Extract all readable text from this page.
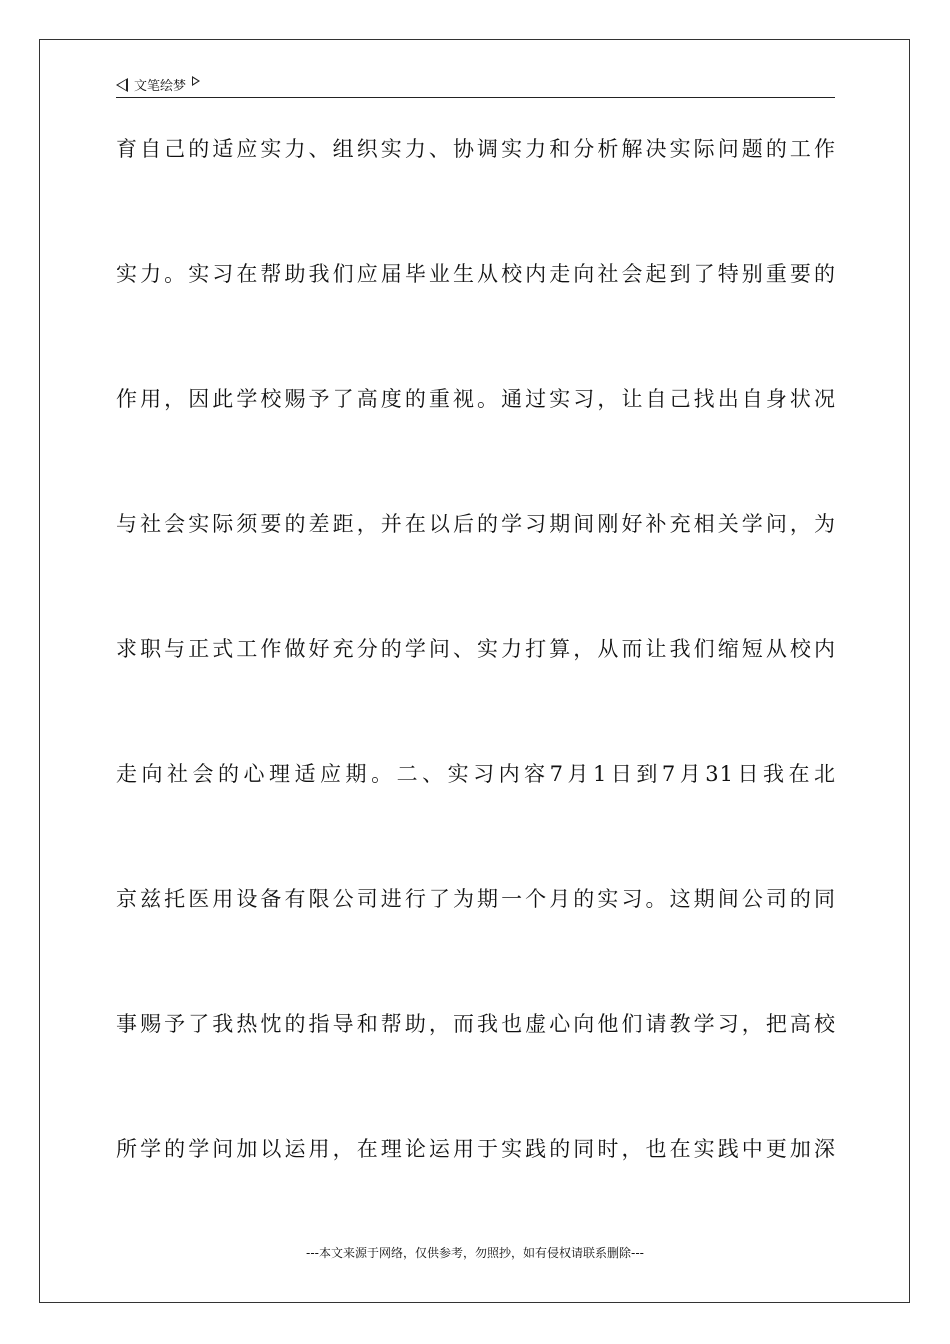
文笔绘梦
育自己的适应实力、组织实力、协调实力和分析解决实际问题的工作
实力。实习在帮助我们应届毕业生从校内走向社会起到了特别重要的
作用，因此学校赐予了高度的重视。通过实习，让自己找出自身状况
与社会实际须要的差距，并在以后的学习期间刚好补充相关学问，为
求职与正式工作做好充分的学问、实力打算，从而让我们缩短从校内
走向社会的心理适应期。二、实习内容7月1日到7月31日我在北
京兹托医用设备有限公司进行了为期一个月的实习。这期间公司的同
事赐予了我热忱的指导和帮助，而我也虚心向他们请教学习，把高校
所学的学问加以运用，在理论运用于实践的同时，也在实践中更加深
---本文来源于网络，仅供参考，勿照抄，如有侵权请联系删除---
